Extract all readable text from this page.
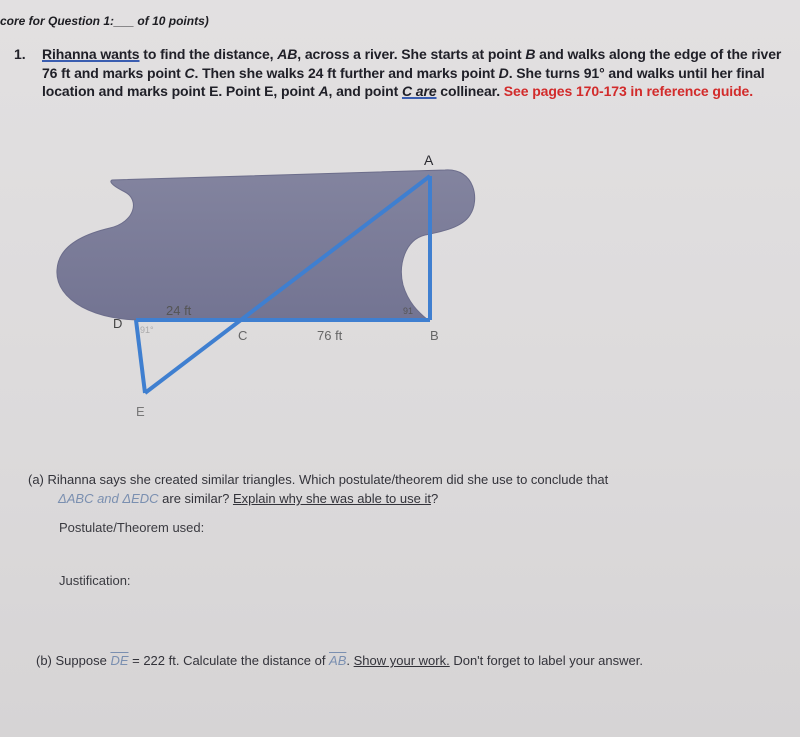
core for Question 1:___ of 10 points)
1. Rihanna wants to find the distance, AB, across a river. She starts at point B and walks along the edge of the river 76 ft and marks point C. Then she walks 24 ft further and marks point D. She turns 91° and walks until her final location and marks point E. Point E, point A, and point C are collinear. See pages 170-173 in reference guide.
A
B
C
D
E
24 ft
76 ft
91°
91
(a) Rihanna says she created similar triangles. Which postulate/theorem did she use to conclude that
ΔABC and ΔEDC are similar? Explain why she was able to use it?
Postulate/Theorem used:
Justification:
(b) Suppose $\overline{DE} = 222$ ft. Calculate the distance of $\overline{AB}$. Show your work. Don't forget to label your answer.
